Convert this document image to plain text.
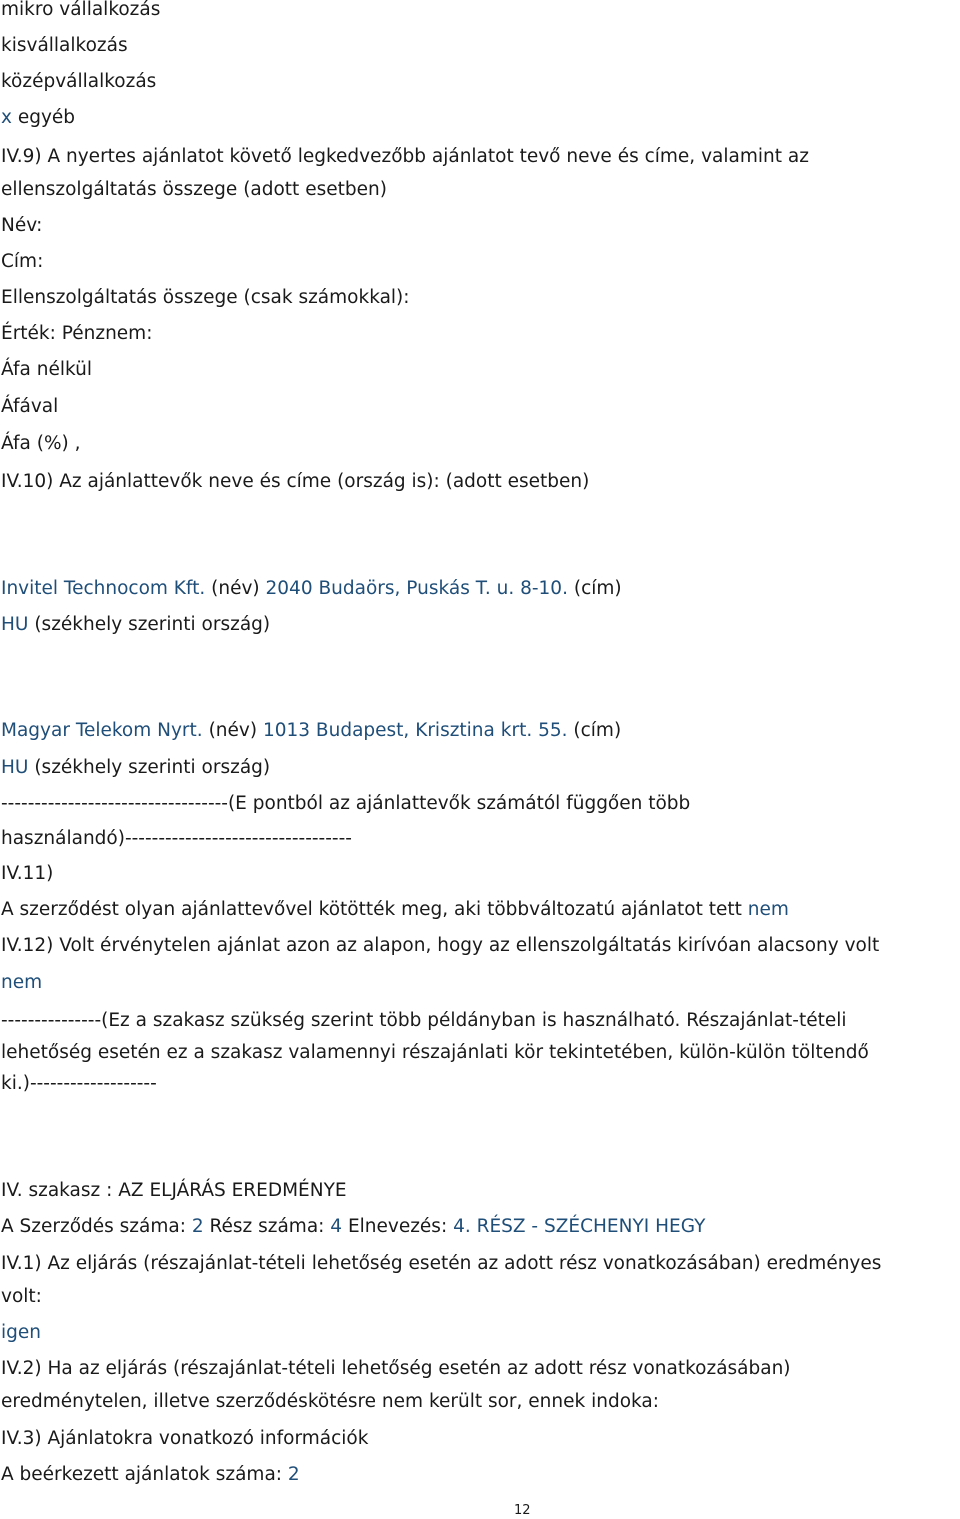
mikro vállalkozás
kisvállalkozás
középvállalkozás
x egyéb
IV.9) A nyertes ajánlatot követő legkedvezőbb ajánlatot tevő neve és címe, valamint az
ellenszolgáltatás összege (adott esetben)
Név:
Cím:
Ellenszolgáltatás összege (csak számokkal):
Érték: Pénznem:
Áfa nélkül
Áfával
Áfa (%) ,
IV.10) Az ajánlattevők neve és címe (ország is): (adott esetben)
Invitel Technocom Kft. (név) 2040 Budaörs, Puskás T. u. 8-10. (cím)
HU (székhely szerinti ország)
Magyar Telekom Nyrt. (név) 1013 Budapest, Krisztina krt. 55. (cím)
HU (székhely szerinti ország)
----------------------------------(E pontból az ajánlattevők számától függően több
használandó)----------------------------------
IV.11)
A szerződést olyan ajánlattevővel kötötték meg, aki többváltozatú ajánlatot tett nem
IV.12) Volt érvénytelen ajánlat azon az alapon, hogy az ellenszolgáltatás kirívóan alacsony volt
nem
---------------(Ez a szakasz szükség szerint több példányban is használható. Részajánlat-tételi
lehetőség esetén ez a szakasz valamennyi részajánlati kör tekintetében, külön-külön töltendő
ki.)-------------------
IV. szakasz : AZ ELJÁRÁS EREDMÉNYE
A Szerződés száma: 2 Rész száma: 4 Elnevezés: 4. RÉSZ - SZÉCHENYI HEGY
IV.1) Az eljárás (részajánlat-tételi lehetőség esetén az adott rész vonatkozásában) eredményes
volt:
igen
IV.2) Ha az eljárás (részajánlat-tételi lehetőség esetén az adott rész vonatkozásában)
eredménytelen, illetve szerződéskötésre nem került sor, ennek indoka:
IV.3) Ajánlatokra vonatkozó információk
A beérkezett ajánlatok száma: 2
12
